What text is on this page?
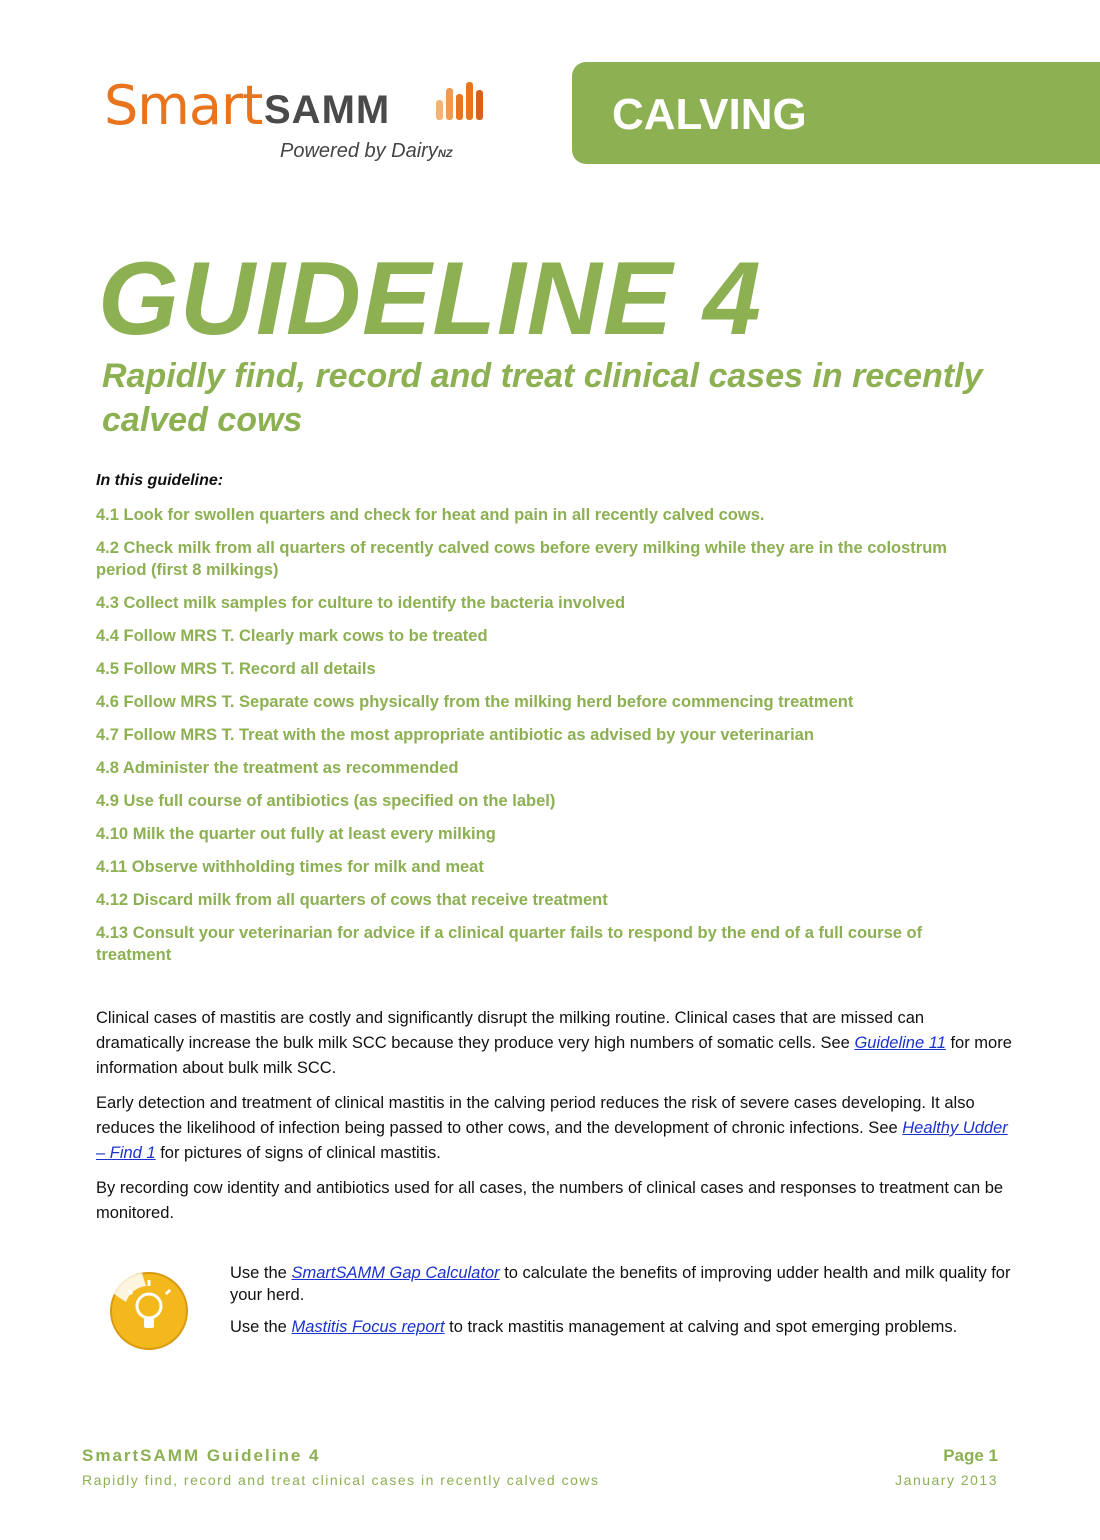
Smart SAMM
Powered by DairyNZ
CALVING
GUIDELINE 4
Rapidly find, record and treat clinical cases in recently calved cows
In this guideline:
4.1 Look for swollen quarters and check for heat and pain in all recently calved cows.
4.2 Check milk from all quarters of recently calved cows before every milking while they are in the colostrum period (first 8 milkings)
4.3 Collect milk samples for culture to identify the bacteria involved
4.4 Follow MRS T. Clearly mark cows to be treated
4.5 Follow MRS T. Record all details
4.6 Follow MRS T. Separate cows physically from the milking herd before commencing treatment
4.7 Follow MRS T. Treat with the most appropriate antibiotic as advised by your veterinarian
4.8 Administer the treatment as recommended
4.9 Use full course of antibiotics (as specified on the label)
4.10 Milk the quarter out fully at least every milking
4.11 Observe withholding times for milk and meat
4.12 Discard milk from all quarters of cows that receive treatment
4.13 Consult your veterinarian for advice if a clinical quarter fails to respond by the end of a full course of treatment

Clinical cases of mastitis are costly and significantly disrupt the milking routine. Clinical cases that are missed can dramatically increase the bulk milk SCC because they produce very high numbers of somatic cells. See Guideline 11 for more information about bulk milk SCC.

Early detection and treatment of clinical mastitis in the calving period reduces the risk of severe cases developing. It also reduces the likelihood of infection being passed to other cows, and the development of chronic infections. See Healthy Udder – Find 1 for pictures of signs of clinical mastitis.

By recording cow identity and antibiotics used for all cases, the numbers of clinical cases and responses to treatment can be monitored.

Use the SmartSAMM Gap Calculator to calculate the benefits of improving udder health and milk quality for your herd.

Use the Mastitis Focus report to track mastitis management at calving and spot emerging problems.

SmartSAMM Guideline 4
Rapidly find, record and treat clinical cases in recently calved cows
Page 1
January 2013
